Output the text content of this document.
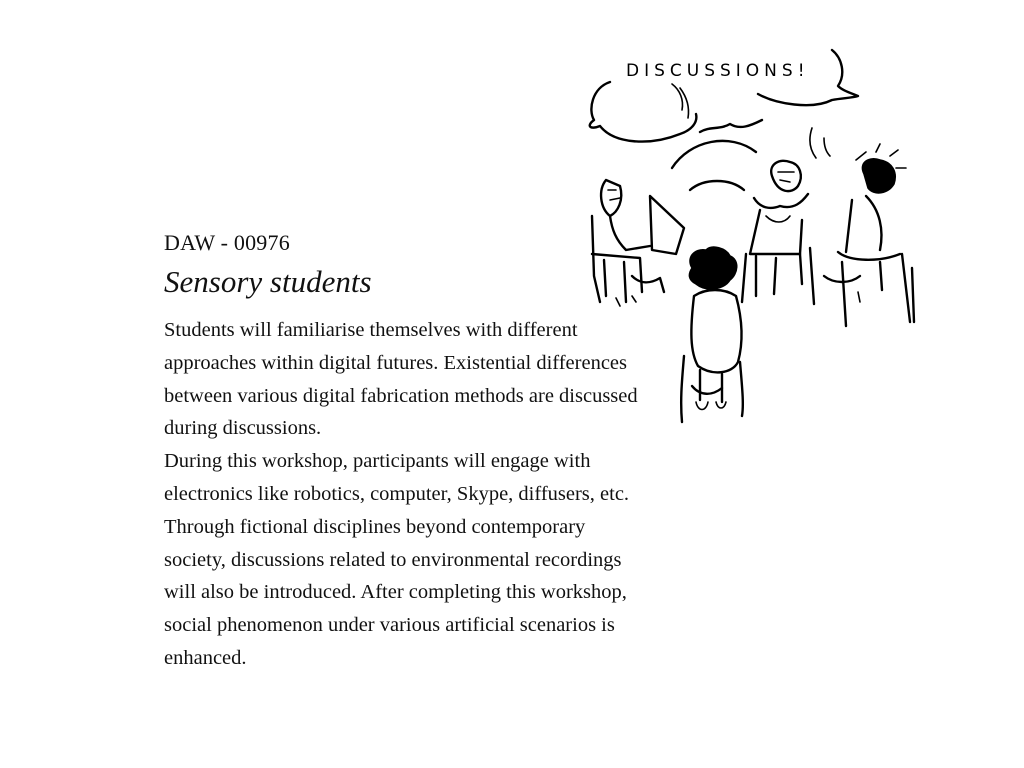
DISCUSSIONS!

DAW - 00976

Sensory students

Students will familiarise themselves with different approaches within digital futures. Existential differences between various digital fabrication methods are discussed during discussions.
During this workshop, participants will engage with electronics like robotics, computer, Skype, diffusers, etc.
Through fictional disciplines beyond contemporary society, discussions related to environmental recordings will also be introduced. After completing this workshop, social phenomenon under various artificial scenarios is enhanced.
